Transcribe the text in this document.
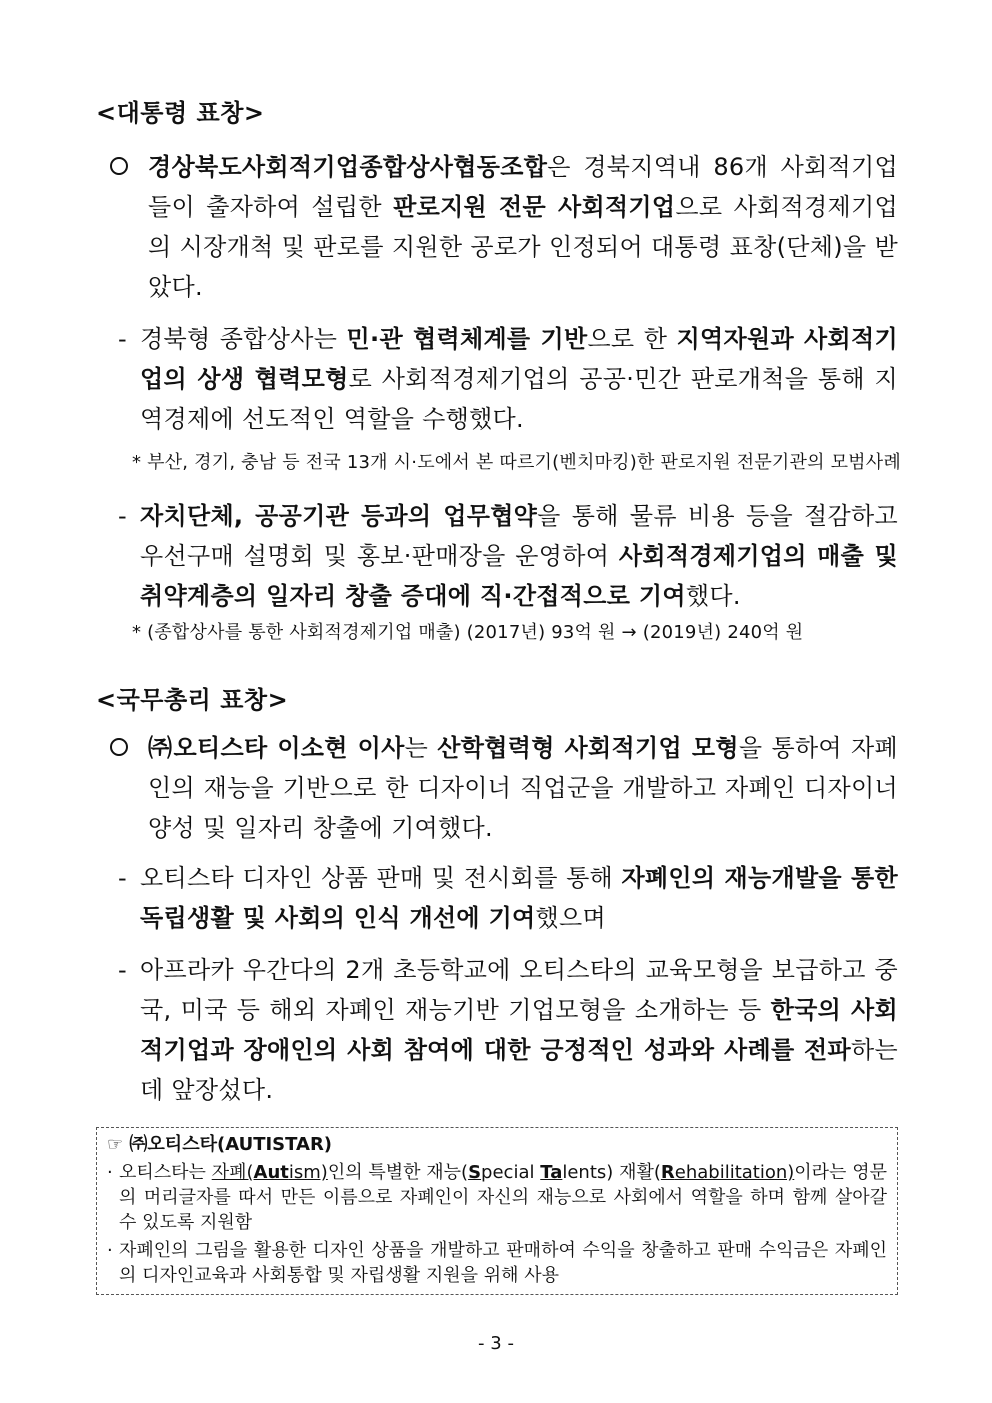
<대통령 표창>

경상북도사회적기업종합상사협동조합은 경북지역내 86개 사회적기업들이 출자하여 설립한 판로지원 전문 사회적기업으로 사회적경제기업의 시장개척 및 판로를 지원한 공로가 인정되어 대통령 표창(단체)을 받았다.

- 경북형 종합상사는 민·관 협력체계를 기반으로 한 지역자원과 사회적기업의 상생 협력모형로 사회적경제기업의 공공·민간 판로개척을 통해 지역경제에 선도적인 역할을 수행했다.

* 부산, 경기, 충남 등 전국 13개 시·도에서 본 따르기(벤치마킹)한 판로지원 전문기관의 모범사례
- 자치단체, 공공기관 등과의 업무협약을 통해 물류 비용 등을 절감하고 우선구매 설명회 및 홍보·판매장을 운영하여 사회적경제기업의 매출 및 취약계층의 일자리 창출 증대에 직·간접적으로 기여했다.

* (종합상사를 통한 사회적경제기업 매출) (2017년) 93억 원 → (2019년) 240억 원
<국무총리 표창>

㈜오티스타 이소현 이사는 산학협력형 사회적기업 모형을 통하여 자폐인의 재능을 기반으로 한 디자이너 직업군을 개발하고 자폐인 디자이너 양성 및 일자리 창출에 기여했다.

- 오티스타 디자인 상품 판매 및 전시회를 통해 자폐인의 재능개발을 통한 독립생활 및 사회의 인식 개선에 기여했으며

- 아프라카 우간다의 2개 초등학교에 오티스타의 교육모형을 보급하고 중국, 미국 등 해외 자폐인 재능기반 기업모형을 소개하는 등 한국의 사회적기업과 장애인의 사회 참여에 대한 긍정적인 성과와 사례를 전파하는데 앞장섰다.

☞ ㈜오티스타(AUTISTAR)
· 오티스타는 자폐(Autism)인의 특별한 재능(Special Talents) 재활(Rehabilitation)이라는 영문의 머리글자를 따서 만든 이름으로 자폐인이 자신의 재능으로 사회에서 역할을 하며 함께 살아갈 수 있도록 지원함
· 자폐인의 그림을 활용한 디자인 상품을 개발하고 판매하여 수익을 창출하고 판매 수익금은 자폐인의 디자인교육과 사회통합 및 자립생활 지원을 위해 사용
- 3 -
